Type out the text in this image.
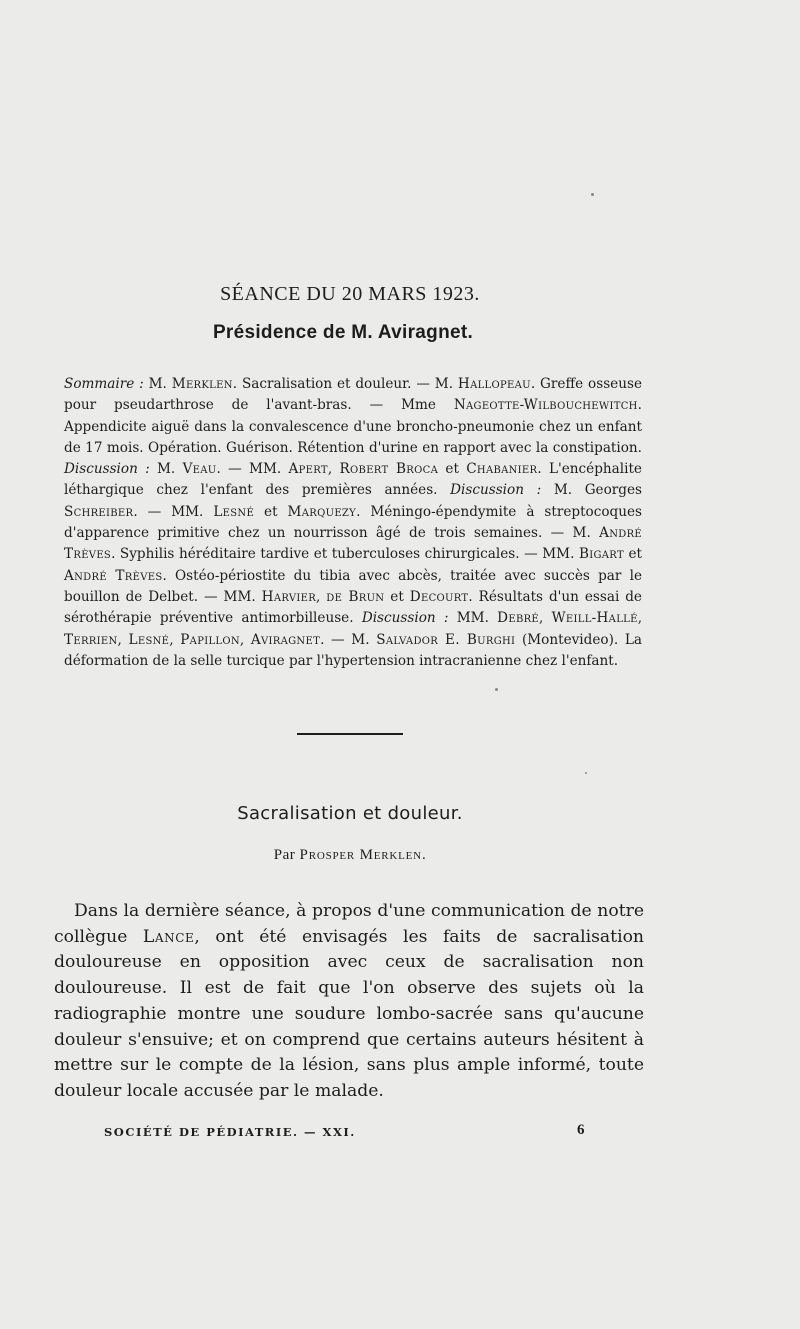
SÉANCE DU 20 MARS 1923.
Présidence de M. Aviragnet.

Sommaire : M. Merklen. Sacralisation et douleur. — M. Hallopeau. Greffe osseuse pour pseudarthrose de l'avant-bras. — Mme Nageotte-Wilbouchewitch. Appendicite aiguë dans la convalescence d'une broncho-pneumonie chez un enfant de 17 mois. Opération. Guérison. Rétention d'urine en rapport avec la constipation. Discussion : M. Veau. — MM. Apert, Robert Broca et Chabanier. L'encéphalite léthargique chez l'enfant des premières années. Discussion : M. Georges Schreiber. — MM. Lesné et Marquezy. Méningo-épendymite à streptocoques d'apparence primitive chez un nourrisson âgé de trois semaines. — M. André Trèves. Syphilis héréditaire tardive et tuberculoses chirurgicales. — MM. Bigart et André Trèves. Ostéo-périostite du tibia avec abcès, traitée avec succès par le bouillon de Delbet. — MM. Harvier, de Brun et Decourt. Résultats d'un essai de sérothérapie préventive antimorbilleuse. Discussion : MM. Debré, Weill-Hallé, Terrien, Lesné, Papillon, Aviragnet. — M. Salvador E. Burghi (Montevideo). La déformation de la selle turcique par l'hypertension intracranienne chez l'enfant.

Sacralisation et douleur.
Par Prosper Merklen.

Dans la dernière séance, à propos d'une communication de notre collègue Lance, ont été envisagés les faits de sacralisation douloureuse en opposition avec ceux de sacralisation non douloureuse. Il est de fait que l'on observe des sujets où la radiographie montre une soudure lombo-sacrée sans qu'aucune douleur s'ensuive; et on comprend que certains auteurs hésitent à mettre sur le compte de la lésion, sans plus ample informé, toute douleur locale accusée par le malade.

SOCIÉTÉ DE PÉDIATRIE. — XXI.	6
